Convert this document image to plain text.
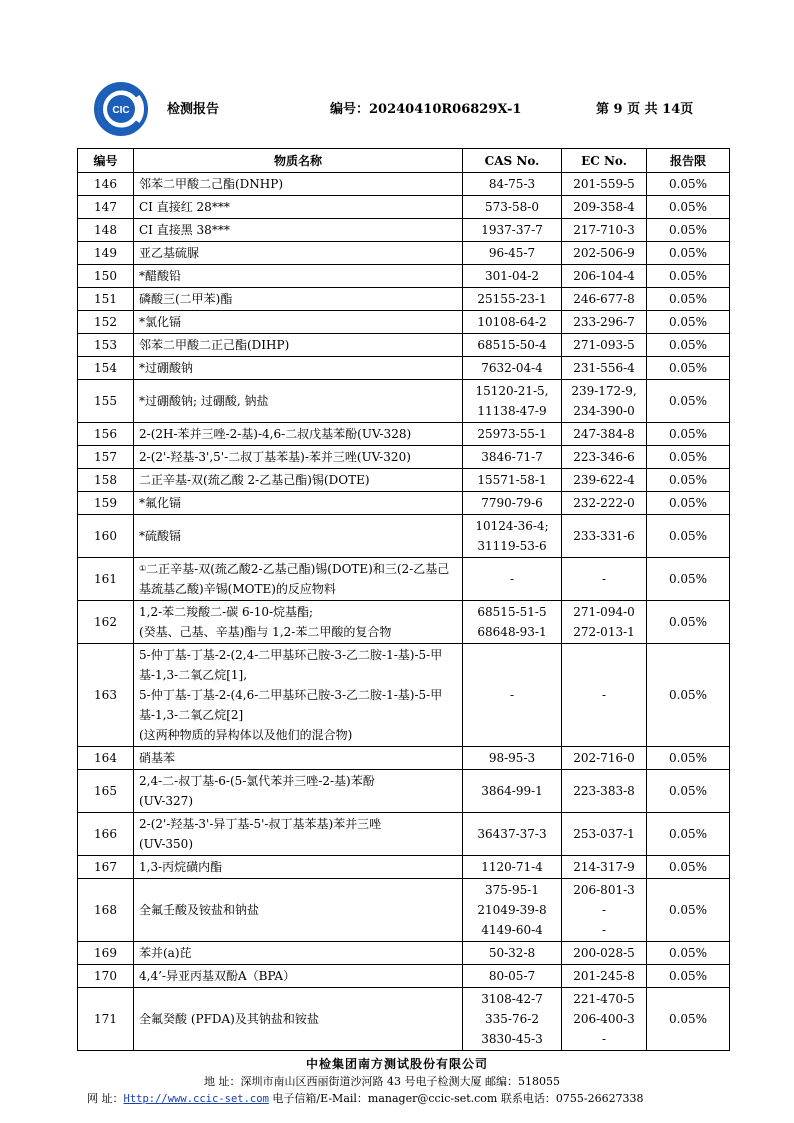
CIC	检测报告	编号：20240410R06829X-1	第 9 页 共 14页
编号	物质名称	CAS No.	EC No.	报告限
146	邻苯二甲酸二己酯(DNHP)	84-75-3	201-559-5	0.05%
147	CI 直接红 28***	573-58-0	209-358-4	0.05%
148	CI 直接黑 38***	1937-37-7	217-710-3	0.05%
149	亚乙基硫脲	96-45-7	202-506-9	0.05%
150	*醋酸铅	301-04-2	206-104-4	0.05%
151	磷酸三(二甲苯)酯	25155-23-1	246-677-8	0.05%
152	*氯化镉	10108-64-2	233-296-7	0.05%
153	邻苯二甲酸二正己酯(DIHP)	68515-50-4	271-093-5	0.05%
154	*过硼酸钠	7632-04-4	231-556-4	0.05%
155	*过硼酸钠; 过硼酸, 钠盐	15120-21-5,
11138-47-9	239-172-9,
234-390-0	0.05%
156	2-(2H-苯并三唑-2-基)-4,6-二叔戊基苯酚(UV-328)	25973-55-1	247-384-8	0.05%
157	2-(2'-羟基-3',5'-二叔丁基苯基)-苯并三唑(UV-320)	3846-71-7	223-346-6	0.05%
158	二正辛基-双(巯乙酸 2-乙基己酯)锡(DOTE)	15571-58-1	239-622-4	0.05%
159	*氟化镉	7790-79-6	232-222-0	0.05%
160	*硫酸镉	10124-36-4;
31119-53-6	233-331-6	0.05%
161	①二正辛基-双(巯乙酸2-乙基己酯)锡(DOTE)和三(2-乙基己基巯基乙酸)辛锡(MOTE)的反应物料	-	-	0.05%
162	1,2-苯二羧酸二-碳 6-10-烷基酯;
(癸基、己基、辛基)酯与 1,2-苯二甲酸的复合物	68515-51-5
68648-93-1	271-094-0
272-013-1	0.05%
163	5-仲丁基-丁基-2-(2,4-二甲基环己胺-3-乙二胺-1-基)-5-甲基-1,3-二氧乙烷[1],
5-仲丁基-丁基-2-(4,6-二甲基环己胺-3-乙二胺-1-基)-5-甲基-1,3-二氧乙烷[2]
(这两种物质的异构体以及他们的混合物)	-	-	0.05%
164	硝基苯	98-95-3	202-716-0	0.05%
165	2,4-二-叔丁基-6-(5-氯代苯并三唑-2-基)苯酚
(UV-327)	3864-99-1	223-383-8	0.05%
166	2-(2'-羟基-3'-异丁基-5'-叔丁基苯基)苯并三唑
(UV-350)	36437-37-3	253-037-1	0.05%
167	1,3-丙烷磺内酯	1120-71-4	214-317-9	0.05%
168	全氟壬酸及铵盐和钠盐	375-95-1
21049-39-8
4149-60-4	206-801-3
-
-	0.05%
169	苯并(a)芘	50-32-8	200-028-5	0.05%
170	4,4’-异亚丙基双酚A（BPA）	80-05-7	201-245-8	0.05%
171	全氟癸酸 (PFDA)及其钠盐和铵盐	3108-42-7
335-76-2
3830-45-3	221-470-5
206-400-3
-	0.05%
中检集团南方测试股份有限公司
地 址：深圳市南山区西丽街道沙河路 43 号电子检测大厦 邮编：518055
网 址：Http://www.ccic-set.com 电子信箱/E-Mail：manager@ccic-set.com 联系电话：0755-26627338
